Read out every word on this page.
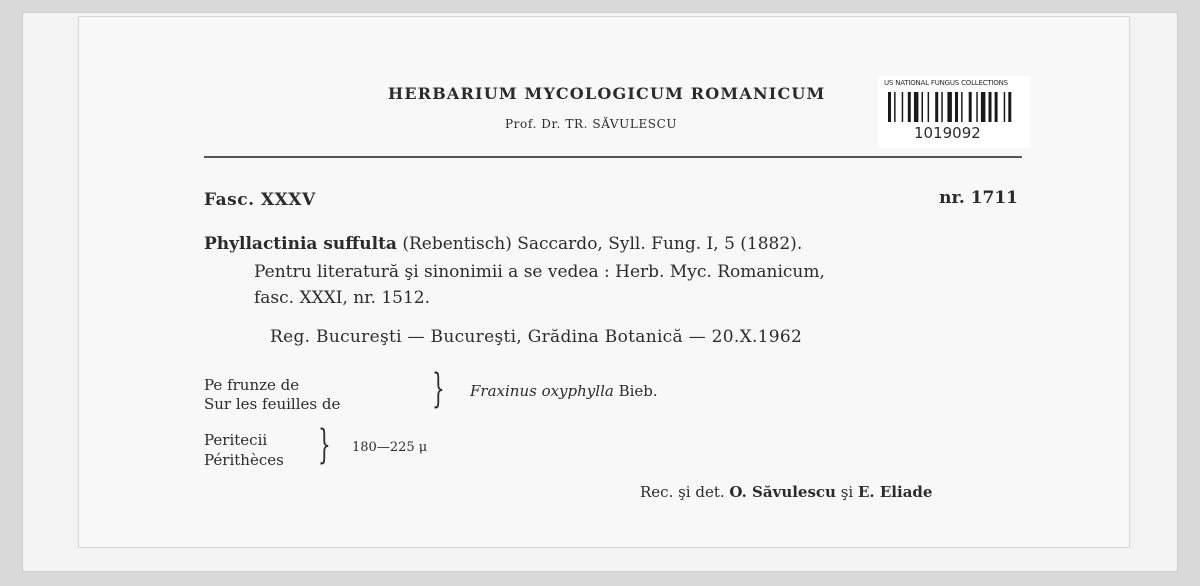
HERBARIUM MYCOLOGICUM ROMANICUM
Prof. Dr. TR. SĂVULESCU
US NATIONAL FUNGUS COLLECTIONS
1019092
Fasc. XXXV	nr. 1711
Phyllactinia suffulta (Rebentisch) Saccardo, Syll. Fung. I, 5 (1882).
Pentru literatură şi sinonimii a se vedea : Herb. Myc. Romanicum,
fasc. XXXI, nr. 1512.
Reg. Bucureşti — Bucureşti, Grădina Botanică — 20.X.1962
Pe frunze de
Sur les feuilles de } Fraxinus oxyphylla Bieb.
Peritecii
Périthèces } 180—225 μ
Rec. şi det. O. Săvulescu şi E. Eliade
